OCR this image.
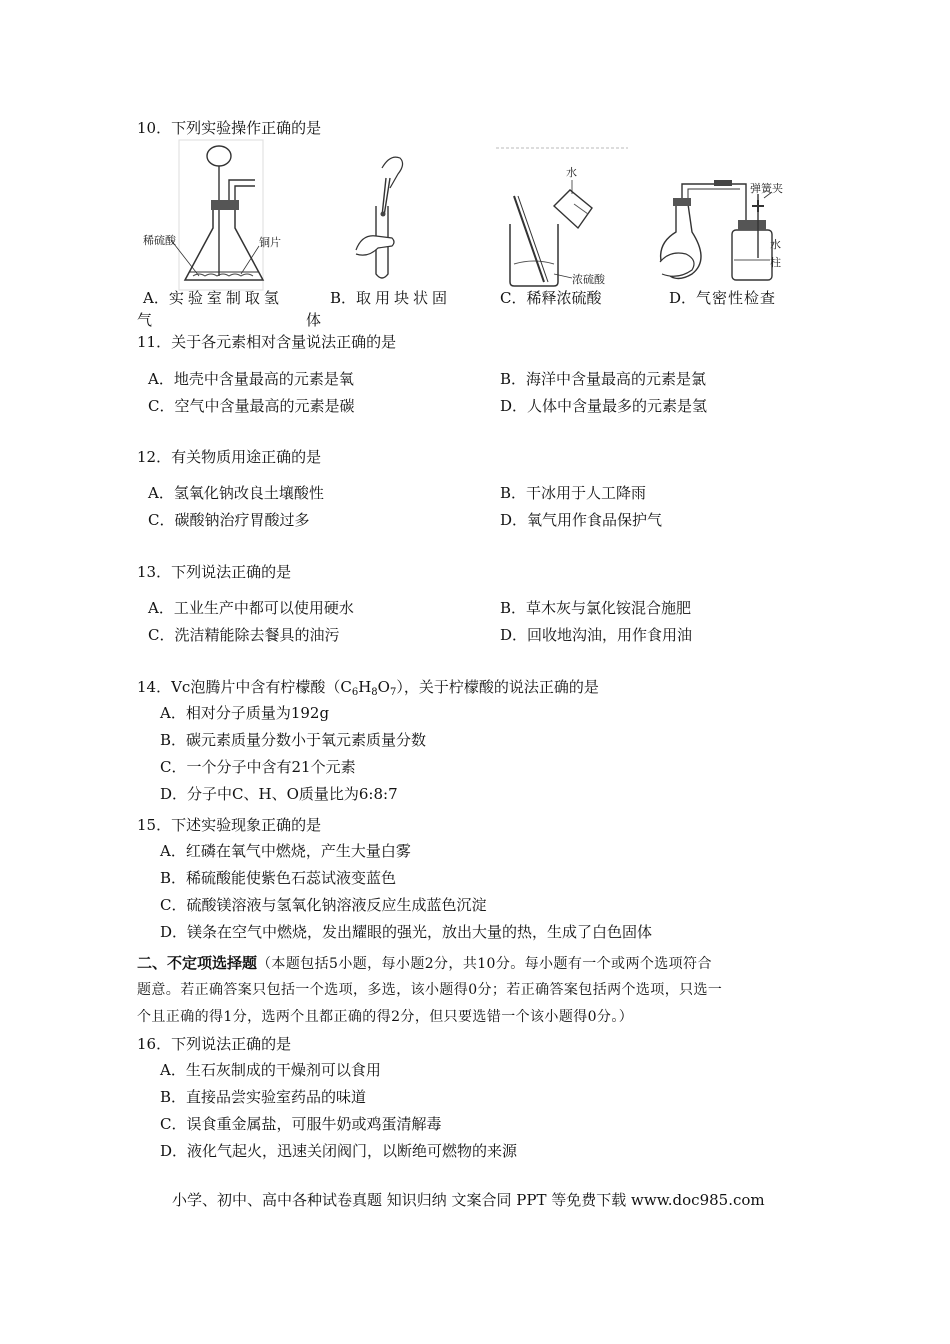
10．下列实验操作正确的是
稀硫酸	铜片
水
浓硫酸
弹簧夹
水
柱
A．实验室制取氢
气
B．取用块状固
体
C．稀释浓硫酸	D．气密性检查
11．关于各元素相对含量说法正确的是
A．地壳中含量最高的元素是氧	B．海洋中含量最高的元素是氯
C．空气中含量最高的元素是碳	D．人体中含量最多的元素是氢
12．有关物质用途正确的是
A．氢氧化钠改良土壤酸性	B．干冰用于人工降雨
C．碳酸钠治疗胃酸过多	D．氧气用作食品保护气
13．下列说法正确的是
A．工业生产中都可以使用硬水	B．草木灰与氯化铵混合施肥
C．洗洁精能除去餐具的油污	D．回收地沟油，用作食用油
14．Vc泡腾片中含有柠檬酸$(C_6H_8O_7)$，关于柠檬酸的说法正确的是
A．相对分子质量为192g
B．碳元素质量分数小于氧元素质量分数
C．一个分子中含有21个元素
D．分子中C、H、O质量比为6:8:7
15．下述实验现象正确的是
A．红磷在氧气中燃烧，产生大量白雾
B．稀硫酸能使紫色石蕊试液变蓝色
C．硫酸镁溶液与氢氧化钠溶液反应生成蓝色沉淀
D．镁条在空气中燃烧，发出耀眼的强光，放出大量的热，生成了白色固体
二、不定项选择题（本题包括5小题，每小题2分，共10分。每小题有一个或两个选项符合
题意。若正确答案只包括一个选项，多选，该小题得0分；若正确答案包括两个选项，只选一
个且正确的得1分，选两个且都正确的得2分，但只要选错一个该小题得0分。）
16．下列说法正确的是
A．生石灰制成的干燥剂可以食用
B．直接品尝实验室药品的味道
C．误食重金属盐，可服牛奶或鸡蛋清解毒
D．液化气起火，迅速关闭阀门，以断绝可燃物的来源
小学、初中、高中各种试卷真题 知识归纳 文案合同 PPT 等免费下载 www.doc985.com
